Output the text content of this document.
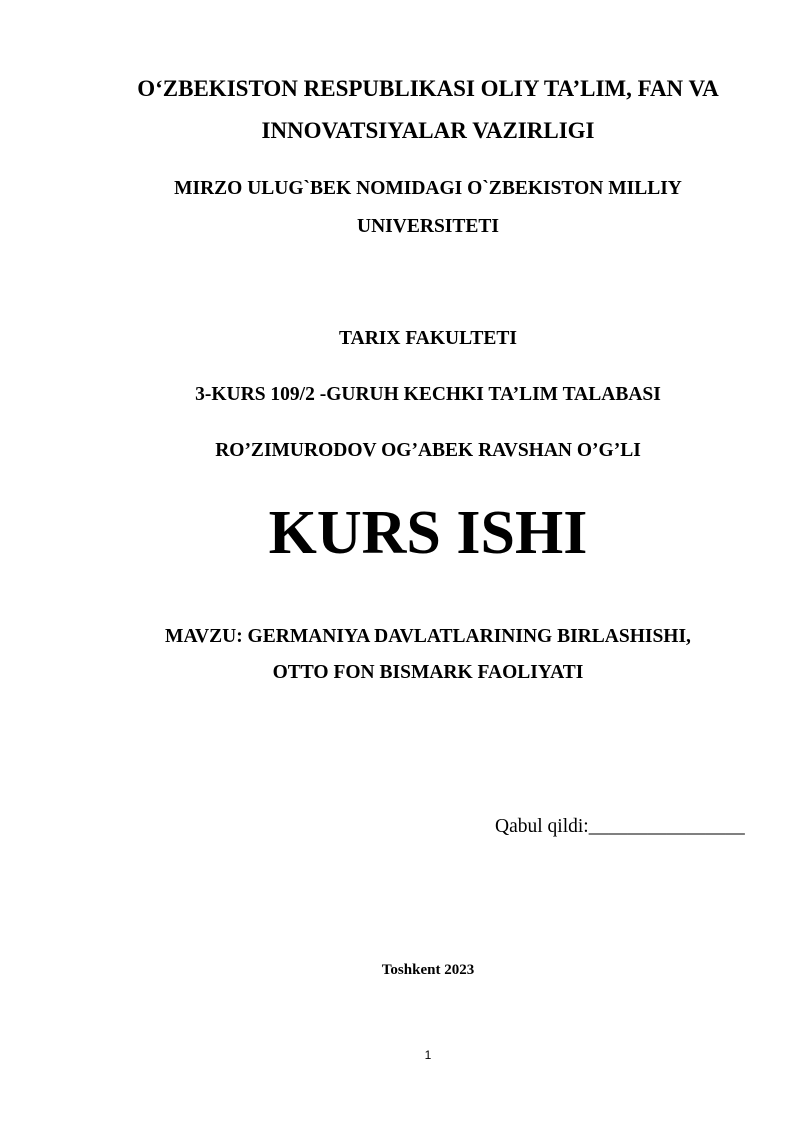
O‘ZBEKISTON RESPUBLIKASI OLIY TA’LIM, FAN VA
INNOVATSIYALAR VAZIRLIGI
MIRZO ULUG`BEK NOMIDAGI O`ZBEKISTON MILLIY
UNIVERSITETI
TARIX FAKULTETI
3-KURS 109/2 -GURUH KECHKI TA’LIM TALABASI
RO’ZIMURODOV OG’ABEK RAVSHAN O’G’LI
KURS ISHI
MAVZU: GERMANIYA DAVLATLARINING BIRLASHISHI,
OTTO FON BISMARK FAOLIYATI
Qabul qildi:________________
Toshkent 2023
1
